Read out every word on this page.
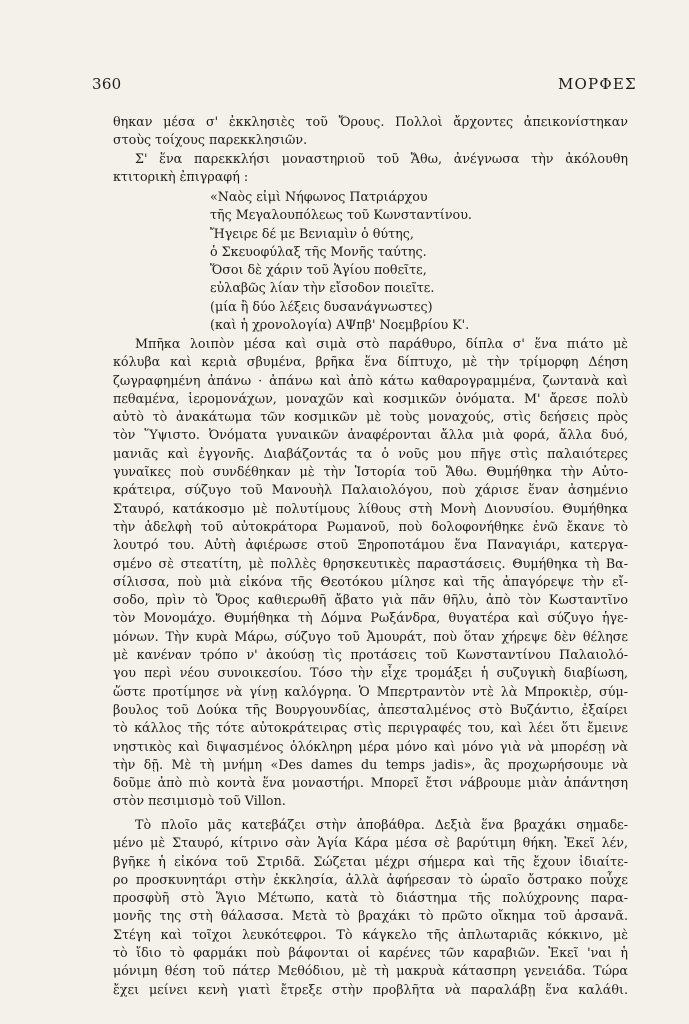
360	ΜΟΡΦΕΣ
θηκαν μέσα σ' ἐκκλησιὲς τοῦ Ὄρους. Πολλοὶ ἄρχοντες ἀπεικονίστηκαν
στοὺς τοίχους παρεκκλησιῶν.
Σ' ἕνα παρεκκλήσι μοναστηριοῦ τοῦ Ἄθω, ἀνέγνωσα τὴν ἀκόλουθη
κτιτορικὴ ἐπιγραφή :
«Ναὸς εἰμὶ Νήφωνος Πατριάρχου
τῆς Μεγαλουπόλεως τοῦ Κωνσταντίνου.
Ἤγειρε δέ με Βενιαμὶν ὁ θύτης,
ὁ Σκευοφύλαξ τῆς Μονῆς ταύτης.
Ὅσοι δὲ χάριν τοῦ Ἁγίου ποθεῖτε,
εὐλαβῶς λίαν τὴν εἴσοδον ποιεῖτε.
(μία ἢ δύο λέξεις δυσανάγνωστες)
(καὶ ἡ χρονολογία) ΑΨπβ' Νοεμβρίου Κ'.
Μπῆκα λοιπὸν μέσα καὶ σιμὰ στὸ παράθυρο, δίπλα σ' ἕνα πιάτο μὲ
κόλυβα καὶ κεριὰ σβυμένα, βρῆκα ἕνα δίπτυχο, μὲ τὴν τρίμορφη Δέηση
ζωγραφημένη ἀπάνω · ἀπάνω καὶ ἀπὸ κάτω καθαρογραμμένα, ζωντανὰ καὶ
πεθαμένα, ἱερομονάχων, μοναχῶν καὶ κοσμικῶν ὀνόματα. Μ' ἄρεσε πολὺ
αὐτὸ τὸ ἀνακάτωμα τῶν κοσμικῶν μὲ τοὺς μοναχούς, στὶς δεήσεις πρὸς
τὸν Ὕψιστο. Ὀνόματα γυναικῶν ἀναφέρονται ἄλλα μιὰ φορά, ἄλλα δυό,
μανιᾶς καὶ ἐγγονῆς. Διαβάζοντάς τα ὁ νοῦς μου πῆγε στὶς παλαιότερες
γυναῖκες ποὺ συνδέθηκαν μὲ τὴν Ἱστορία τοῦ Ἄθω. Θυμήθηκα τὴν Αὐτο-
κράτειρα, σύζυγο τοῦ Μανουὴλ Παλαιολόγου, ποὺ χάρισε ἕναν ἀσημένιο
Σταυρό, κατάκοσμο μὲ πολυτίμους λίθους στὴ Μονὴ Διονυσίου. Θυμήθηκα
τὴν ἀδελφὴ τοῦ αὐτοκράτορα Ρωμανοῦ, ποὺ δολοφονήθηκε ἐνῶ ἔκανε τὸ
λουτρό του. Αὐτὴ ἀφιέρωσε στοῦ Ξηροποτάμου ἕνα Παναγιάρι, κατεργα-
σμένο σὲ στεατίτη, μὲ πολλὲς θρησκευτικὲς παραστάσεις. Θυμήθηκα τὴ Βα-
σίλισσα, ποὺ μιὰ εἰκόνα τῆς Θεοτόκου μίλησε καὶ τῆς ἀπαγόρεψε τὴν εἴ-
σοδο, πρὶν τὸ Ὄρος καθιερωθῆ ἄβατο γιὰ πᾶν θῆλυ, ἀπὸ τὸν Κωσταντῖνο
τὸν Μονομάχο. Θυμήθηκα τὴ Δόμνα Ρωξάνδρα, θυγατέρα καὶ σύζυγο ἡγε-
μόνων. Τὴν κυρὰ Μάρω, σύζυγο τοῦ Ἀμουράτ, ποὺ ὅταν χήρεψε δὲν θέλησε
μὲ κανέναν τρόπο ν' ἀκούσῃ τὶς προτάσεις τοῦ Κωνσταντίνου Παλαιολό-
γου περὶ νέου συνοικεσίου. Τόσο τὴν εἶχε τρομάξει ἡ συζυγικὴ διαβίωση,
ὥστε προτίμησε νὰ γίνῃ καλόγρηα. Ὁ Μπερτραντὸν ντὲ λὰ Μπροκιὲρ, σύμ-
βουλος τοῦ Δούκα τῆς Βουργουνδίας, ἀπεσταλμένος στὸ Βυζάντιο, ἐξαίρει
τὸ κάλλος τῆς τότε αὐτοκράτειρας στὶς περιγραφές του, καὶ λέει ὅτι ἔμεινε
νηστικὸς καὶ διψασμένος ὁλόκληρη μέρα μόνο καὶ μόνο γιὰ νὰ μπορέσῃ νὰ
τὴν δῇ. Μὲ τὴ μνήμη «Des dames du temps jadis», ἂς προχωρήσουμε νὰ
δοῦμε ἀπὸ πιὸ κοντὰ ἕνα μοναστήρι. Μπορεῖ ἔτσι νάβρουμε μιὰν ἀπάντηση
στὸν πεσιμισμὸ τοῦ Villon.
Τὸ πλοῖο μᾶς κατεβάζει στὴν ἀποβάθρα. Δεξιὰ ἕνα βραχάκι σημαδε-
μένο μὲ Σταυρό, κίτρινο σὰν Ἁγία Κάρα μέσα σὲ βαρύτιμη θήκη. Ἐκεῖ λέν,
βγῆκε ἡ εἰκόνα τοῦ Στριδᾶ. Σώζεται μέχρι σήμερα καὶ τῆς ἔχουν ἰδιαίτε-
ρο προσκυνητάρι στὴν ἐκκλησία, ἀλλὰ ἀφήρεσαν τὸ ὡραῖο ὄστρακο ποὖχε
προσφὺῆ στὸ Ἅγιο Μέτωπο, κατὰ τὸ διάστημα τῆς πολύχρονης παρα-
μονῆς της στὴ θάλασσα. Μετὰ τὸ βραχάκι τὸ πρῶτο οἴκημα τοῦ ἀρσανᾶ.
Στέγη καὶ τοῖχοι λευκότεφροι. Τὸ κάγκελο τῆς ἀπλωταριᾶς κόκκινο, μὲ
τὸ ἴδιο τὸ φαρμάκι ποὺ βάφονται οἱ καρένες τῶν καραβιῶν. Ἐκεῖ 'ναι ἡ
μόνιμη θέση τοῦ πάτερ Μεθόδιου, μὲ τὴ μακρυὰ κάτασπρη γενειάδα. Τώρα
ἔχει μείνει κενὴ γιατὶ ἔτρεξε στὴν προβλῆτα νὰ παραλάβῃ ἕνα καλάθι.
